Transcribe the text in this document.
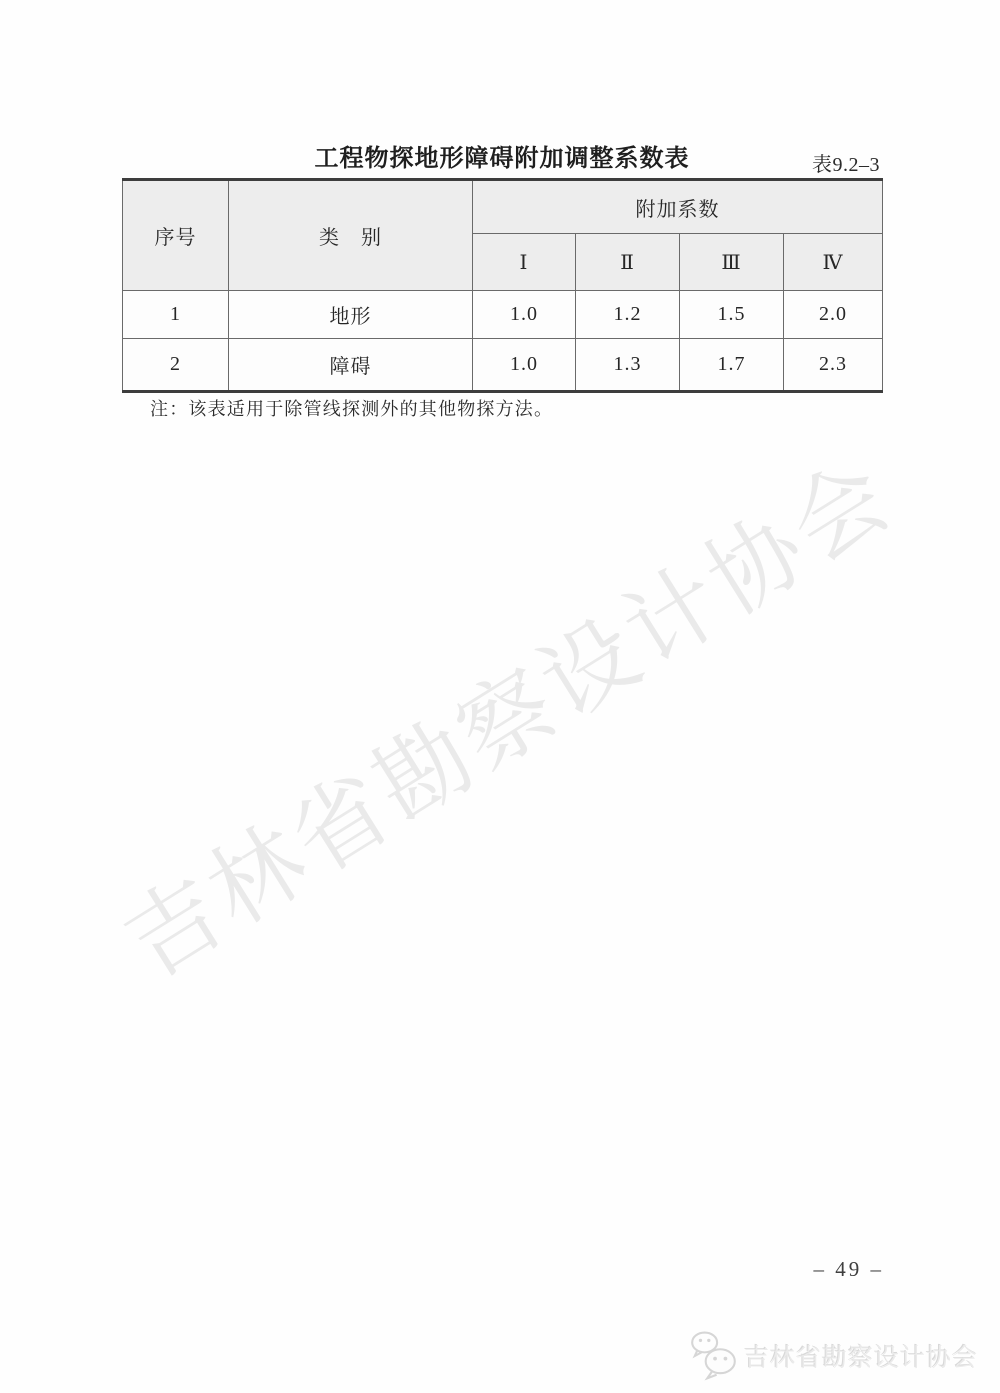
工程物探地形障碍附加调整系数表	表9.2–3
序号	类　别	附加系数			
		Ⅰ	Ⅱ	Ⅲ	Ⅳ
1	地形	1.0	1.2	1.5	2.0
2	障碍	1.0	1.3	1.7	2.3
注：该表适用于除管线探测外的其他物探方法。
吉林省勘察设计协会
– 49 –
吉林省勘察设计协会
